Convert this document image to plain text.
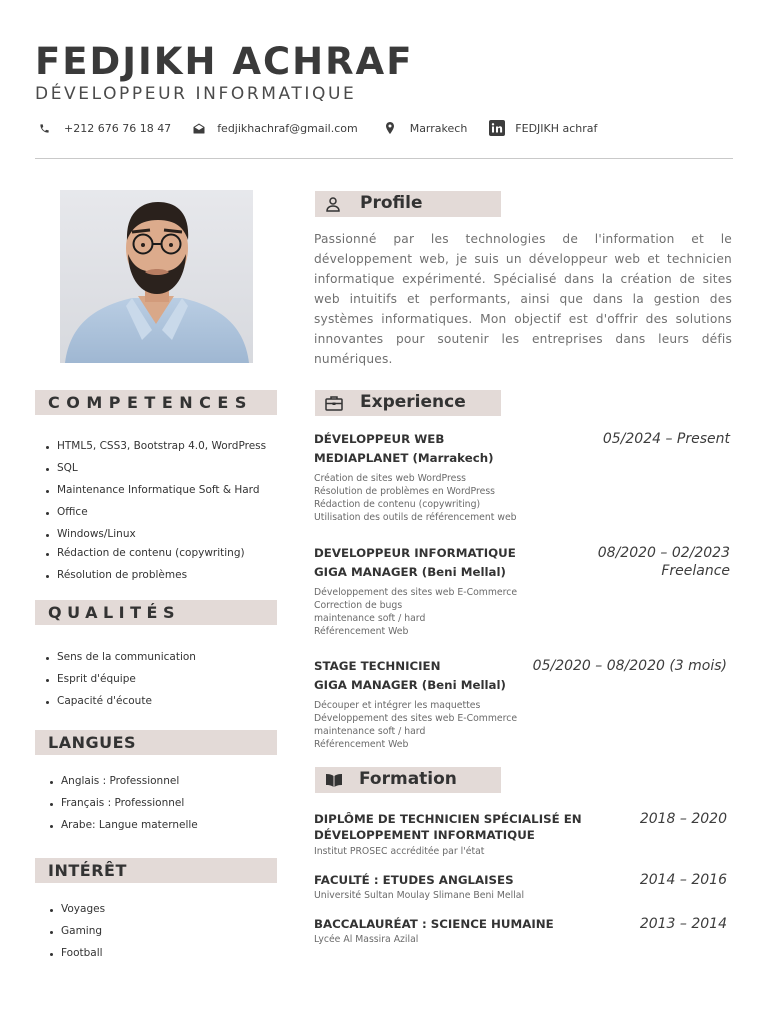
FEDJIKH ACHRAF
DÉVELOPPEUR INFORMATIQUE
+212 676 76 18 47	fedjikhachraf@gmail.com	Marrakech	FEDJIKH achraf
COMPETENCES
HTML5, CSS3, Bootstrap 4.0, WordPress
SQL
Maintenance Informatique Soft & Hard
Office
Windows/Linux
Rédaction de contenu (copywriting)
Résolution de problèmes
QUALITÉS
Sens de la communication
Esprit d'équipe
Capacité d'écoute
LANGUES
Anglais : Professionnel
Français : Professionnel
Arabe: Langue maternelle
INTÉRÊT
Voyages
Gaming
Football
Profile
Passionné par les technologies de l'information et le développement web, je suis un développeur web et technicien informatique expérimenté. Spécialisé dans la création de sites web intuitifs et performants, ainsi que dans la gestion des systèmes informatiques. Mon objectif est d'offrir des solutions innovantes pour soutenir les entreprises dans leurs défis numériques.
Experience
DÉVELOPPEUR WEB
MEDIAPLANET (Marrakech)
05/2024 – Present
Création de sites web WordPress
Résolution de problèmes en WordPress
Rédaction de contenu (copywriting)
Utilisation des outils de référencement web
DEVELOPPEUR INFORMATIQUE
GIGA MANAGER (Beni Mellal)
08/2020 – 02/2023
Freelance
Développement des sites web E-Commerce
Correction de bugs
maintenance soft / hard
Référencement Web
STAGE TECHNICIEN
GIGA MANAGER (Beni Mellal)
05/2020 – 08/2020 (3 mois)
Découper et intégrer les maquettes
Développement des sites web E-Commerce
maintenance soft / hard
Référencement Web
Formation
DIPLÔME DE TECHNICIEN SPÉCIALISÉ EN
DÉVELOPPEMENT INFORMATIQUE
Institut PROSEC accréditée par l'état
2018 – 2020
FACULTÉ : ETUDES ANGLAISES
Université Sultan Moulay Slimane Beni Mellal
2014 – 2016
BACCALAURÉAT : SCIENCE HUMAINE
Lycée Al Massira Azilal
2013 – 2014
